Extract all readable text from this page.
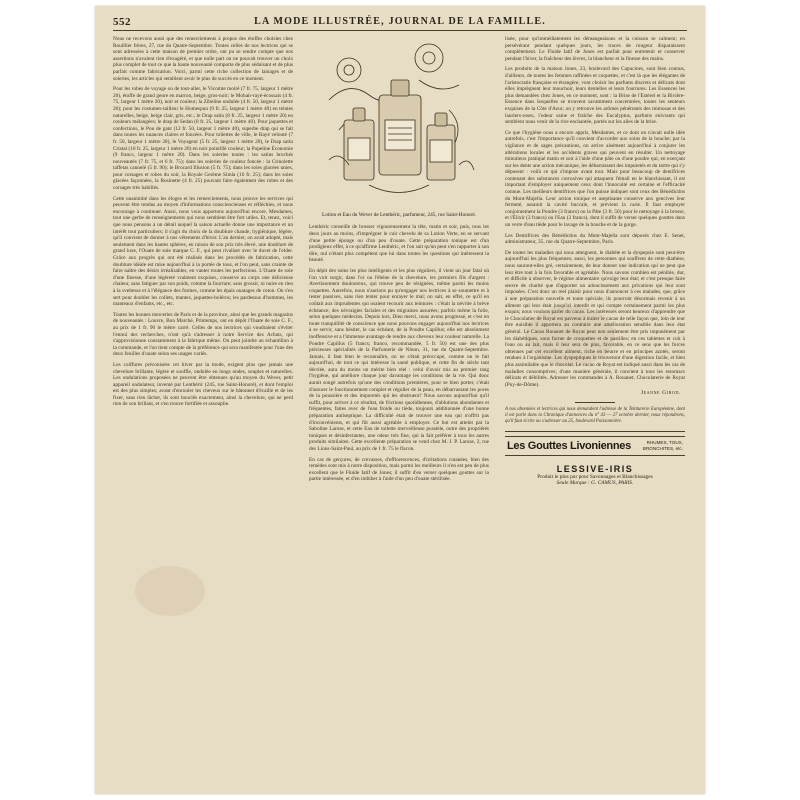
552	LA MODE ILLUSTRÉE, JOURNAL DE LA FAMILLE.

Nous ne recevons aussi que des remerciements à propos des étoffes choisies chez Rouillier frères, 27, rue du Quatre-Septembre. Toutes celles de nos lectrices qui se sont adressées à cette maison de premier ordre, ont pu se rendre compte que nos assertions n'avaient rien d'exagéré, et que nulle part on ne pouvait trouver un choix plus complet de tout ce que la haute nouveauté comporte de plus séduisant et de plus parfait comme fabrication. Voici, parmi cette riche collection de lainages et de soieries, les articles qui semblent avoir le plus de succès en ce moment.

Pour les robes de voyage ou de tout-aller, le Vicomte moiré (7 fr. 75, largeur 1 mètre 20), étoffe de grand genre en marron, beige, gros-noir; le Mohair-rayé-écossais (4 fr. 75, largeur 1 mètre 20), noir et couleur; la Zibeline ondulée (4 fr. 50, largeur 1 mètre 20); pour les costumes-tailleur le Homespun (9 fr. 25, largeur 1 mètre 40) en teintes naturelles, beige, beige clair, gris, etc.; le Drap satin (8 fr. 25, largeur 1 mètre 20) en couleurs mélangées; le drap de Sedan (8 fr. 25, largeur 1 mètre 40). Pour jaquettes et confections, le Pou de gant (12 fr. 50, largeur 1 mètre 40), superbe drap qui se fait dans toutes les nuances claires et foncées. Pour toilettes de ville, le Rayé velouté (7 fr. 50, largeur 1 mètre 30), le Voyageur (5 fr. 25, largeur 1 mètre 20), le Drap satin Cristal (10 fr. 25, largeur 1 mètre 20) en noir pointillé couleur; la Popeline Économie (9 francs, largeur 1 mètre 20). Dans les soieries toutes : les satins brochés nouveautés (7 fr. 75, et 6 fr. 75); dans les soieries de couleur foncée : la Crinolette taffetas cannelé (5 fr. 90); le Brocard Illusion (5 fr. 75); dans les soies glacées unies, pour corsages et robes du soir, la Royale Gerème Simla (10 fr. 25); dans les soies glacées façonnées, la Rosinette (4 fr. 25) pouvant faire également des robes et des corsages très habillés.

Cette unanimité dans les éloges et les remerciements, nous prouve les services qui peuvent être rendus au moyen d'informations consciencieuses et réfléchies, et nous encourage à continuer. Aussi, nous vous apportons aujourd'hui encore, Mesdames, tout une gerbe de renseignements qui nous semblent être fort utiles. Et, tenez, voici que nous pensons à un détail auquel la saison actuelle donne une importance et un intérêt tout particuliers; il s'agit du choix de la doublure chaude, hygiénique, légère, qu'il convient de donner à nos vêtements d'hiver. L'an dernier, on avait adopté, mais seulement dans les hautes sphères, en raison de son prix très élevé, une doublure de grand luxe, l'Ouate de soie marque C. F., qui peut rivaliser avec le duvet de l'eider. Grâce aux progrès qui ont été réalisés dans les procédés de fabrication, cette doublure idéale est mise aujourd'hui à la portée de tous, et l'on peut, sans crainte de faire naître des désirs irréalisables, en vanter toutes les perfections. L'Ouate de soie d'une finesse, d'une légèreté vraiment exquises, conserve au corps une délicieuse chaleur, sans fatiguer par son poids, comme la fourrure; sans grossir, ni nuire en rien à la sveltesse et à l'élégance des formes, comme les épais ouatages de coton. On s'en sert pour doubler les collets, mantes, jaquettes-boléros; les pardessus d'hommes, les manteaux d'enfants, etc., etc.

Toutes les bonnes merceries de Paris et de la province, ainsi que les grands magasins de nouveautés : Louvre, Bon Marché, Printemps, ont en dépôt l'Ouate de soie C. F., au prix de 1 fr. 90 le mètre carré. Celles de nos lectrices qui voudraient s'éviter l'ennui des recherches, n'ont qu'à s'adresser à notre Service des Achats, qui s'approvisionne constamment à la fabrique même. On peut joindre au échantillon à la commande, et l'on tient compte de la préférence qui sera manifestée pour l'une des deux feuilles d'ouate selon ses usages variés.

Les coiffures préconisées cet hiver par la mode, exigent plus que jamais une chevelure brillante, légère et souffle, ondulée en longs ondes, souples et naturelles. Les ondulations proposées ne peuvent être obtenues qu'au moyen du Wever, petit appareil ondulateur, inventé par Lenthéric (245, rue Saint-Honoré), et dont l'emploi est des plus simples; avant d'enrouler les cheveux sur le bâtonnet d'écaille et de les fixer, sans rien lâcher, ils sont bouclés exactement, ainsi la chevelure, qui ne perd rien de son brillant, et s'en trouve fortifiée et assouplie.

Lotion et Eau du Wever de Lenthéric, parfumeur, 245, rue Saint-Honoré.

Lenthéric conseille de brosser vigoureusement la tête, matin et soir, puis, tous les deux jours au moins, d'imprégner le cuir chevelu de sa Lotion Verte, en se servant d'une petite éponge ou d'un peu d'ouate. Cette préparation tonique est d'un prodigieux effet, à ce qu'affirme Lenthéric, et l'on sait qu'un peut s'en rapporter à son dire, nul n'étant plus compétent que lui dans toutes les questions qui intéressent la beauté.

En dépit des soins les plus intelligents et les plus réguliers, il vient un jour fatal où l'on voit surgir, dans l'or ou l'ébène de la chevelure, les premiers fils d'argent : Avertissement douloureux, qui trouve peu de résignées, même parmi les moins coquettes. Autrefois, nous n'aurions pu qu'engager nos lectrices à se soumettre et à rester passives, sans rien tenter pour enrayer le mal; on sait, en effet, ce qu'il en coûtait aux imprudentes qui osaient recourir aux teintures : c'était la névrite à brève échéance; des névralgies faciales et des migraines assurées; parfois même la folie, selon quelques médecins. Depuis lors, Dieu merci, nous avons progressé, et c'est en toute tranquillité de conscience que nous pouvons engager aujourd'hui nos lectrices à se servir, sans hésiter, le cas échéant, de la Poudre Capillus; elle est absolument inoffensive et a l'immense avantage de rendre aux cheveux leur couleur naturelle. La Poudre Capillus (5 francs; franco, recommandée, 5 fr. 50) est une des plus précieuses spécialités de la Parfumerie de Ninon, 31, rue du Quatre-Septembre. Jamais, il faut bien le reconnaître, on ne s'était préoccupé, comme on le fait aujourd'hui, de tout ce qui intéresse la santé publique, et cette fin de siècle tant décriée, aura du moins un mérite bien réel : celui d'avoir mis au premier rang l'hygiène, qui améliore chaque jour davantage les conditions de la vie. Qui donc aurait songé autrefois qu'une des conditions premières, pour se bien porter, c'était d'assurer le fonctionnement complet et régulier de la peau, en débarrassant les pores de la poussière et des impuretés qui les obstruent? Nous savons aujourd'hui qu'il suffit, pour arriver à ce résultat, de frictions quotidiennes, d'ablutions abondantes et fréquentes, faites avec de l'eau froide ou tiède, toujours additionnée d'une bonne préparation antiseptique. La difficulté était de trouver une eau qui n'offrit pas d'inconvénients, et qui fût aussi agréable à employer. Ce but est atteint par la Saboline Larose, et cette Eau de toilette merveilleuse possède, outre des propriétés toniques et désinfectantes, une odeur très fine, qui la fait préférer à tous les autres produits similaires. Cette excellente préparation se vend chez M. J. P. Larose, 2, rue des Lions-Saint-Paul, au prix de 1 fr. 75 le flacon.

En cas de gerçures, de crevasses, d'efflorescences, d'irritations cutanées, bien des remèdes sont mis à notre disposition, mais parmi les meilleurs il n'en est peu de plus excellent que le Fluide Iatif de Jones; il suffit d'en verser quelques gouttes sur la partie intéressée, et d'en imbiber à l'aide d'un peu d'ouate stérilisée.

lisée, pour qu'immédiatement les démangeaisons et la cuisson se calment; en persévérant pendant quelques jours, les traces de rougeur disparaissent complètement. Le Fluide Iatif de Jones est parfait pour entretenir et conserver pendant l'hiver, la fraîcheur des lèvres, la blancheur et la finesse des mains.

Les produits de la maison Jones, 23, boulevard des Capucines, sont bien connus, d'ailleurs, de toutes les femmes raffinées et coquettes, et c'est là que les élégantes de l'aristocratie française et étrangère, vont choisir les parfums discrets et délicats dont elles imprègnent leur mouchoir, leurs dentelles et leurs fourrures. Les Essences les plus demandées chez Jones, en ce moment, sont : la Brise de l'Estérel et la Bivière-Essence dans lesquelles se trouvent savamment concentrées, toutes les senteurs exquises de la Côte d'Azur; on y retrouve les arômes pénétrants des mimosas et des lauriers-roses, l'odeur saine et fraîche des Eucalyptus, parfums enivrants qui semblent nous venir de la rive enchantée, portés sur les ailes de la brise.

Ce que l'hygiène nous a encore appris, Mesdames, et ce dont on n'avait nulle idée autrefois, c'est l'importance qu'il convient d'accorder aux soins de la bouche; par la vigilance et de sages précautions, on arrive aisément aujourd'hui à conjurer les altérations locales et les accidents graves qui peuvent en résulter. Un nettoyage minutieux pratiqué matin et soir à l'aide d'une pâte ou d'une poudre qui, en exerçant sur les dents une action mécanique, les débarrassent des impuretés et du tartre qui s'y déposent : voilà ce qui s'impose avant tout. Mais pour beaucoup de dentifrices contenant des substances corrosives qui attaquent l'émail en le blanchissant, il est important d'employer uniquement ceux dont l'innocuité est certaine et l'efficacité connue. Les meilleurs dentifrices que l'on puisse indiquer sont ceux des Bénédictins du Mont-Majella. Leur action tonique et aseptisante conserve aux gencives leur fermeté, assainit la cavité buccale, et prévient la carie. Il faut employer conjointement la Poudre (3 francs) ou la Pâte (3 fr. 50) pour le nettoyage à la brosse, et l'Élixir (3 francs) ou l'Eau (3 francs), dont il suffit de verser quelques gouttes dans un verre d'eau tiède pour le lavage de la bouche et de la gorge.

Les Dentifrices des Bénédictins du Mont-Majella sont déposés chez E. Senet, administrateur, 35, rue du Quatre-Septembre, Paris.

De toutes les maladies qui nous atteignent, le diabète et la dyspepsie sont peut-être aujourd'hui les plus fréquentes; aussi, les personnes qui souffrent de cette diathèse, nous sauront-elles gré, certainement, de leur donner une indication qui ne peut que leur être tout à la fois favorable et agréable. Nous savons combien est pénible, dur, et difficile à observer, le régime alimentaire qu'exige leur état; et c'est presque faire œuvre de charité que d'apporter un adoucissement aux privations qui leur sont imposées. C'est donc un réel plaisir pour nous d'annoncer à ces malades, que, grâce à une préparation nouvelle et toute spéciale, ils pourront désormais revenir à un aliment qui leur était jusqu'ici interdit et qui compte certainement parmi les plus exquis; nous voulons parler du cacao. Les intéressés seront heureux d'apprendre que le Chocolatier de Royat est parvenu à traiter le cacao de telle façon que, loin de leur être nuisible il apportera au contraire une amélioration sensible dans leur état général. Le Cacao Rouanet de Royat peut non seulement être pris impunément par les diabétiques, sous forme de croquettes et de pastilles; en ces tablettes et cuit à l'eau ou au lait, mais il leur sera de plus, favorable, en ce sens que les forces obtenues par cet excellent aliment, riche en beurre et en principes azotés, seront rendues à l'organisme. Les dyspeptiques le trouveront d'une digestion facile, et bien plus assimilable que le chocolat. Le cacao de Royat est indiqué aussi dans les cas de maladies consomptives; d'une manière générale, il convient à tous les estomacs délicats et débilités. Adresser les commandes à A. Rouanet, Chocolaterie de Royat (Puy-de-Dôme).

Jeanne Girod.
A nos abonnées et lectrices qui nous demandent l'adresse de la Teinturerie Européenne, dont il est parlé dans la Chronique d'annonces du n° 43 — 27 octobre dernier, nous répondrons, qu'il faut écrire ou s'adresser au 25, boulevard Poissonnière.
Les Gouttes Livoniennes	RHUMES, TOUX,
BRONCHITES, etc.
LESSIVE-IRIS
Produit le plus pur pour Savonnages et Blanchissages
Seule Marque : G. CAMUS, PARIS.
